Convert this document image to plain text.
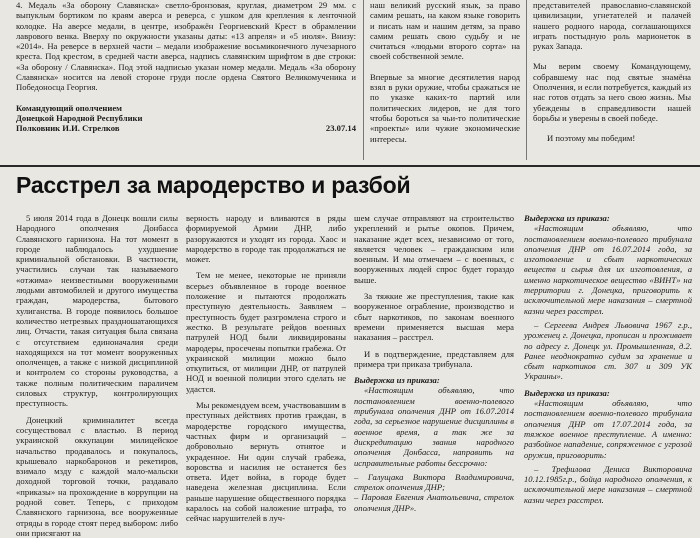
4. Медаль «За оборону Славянска» светло-бронзовая, круглая, диаметром 29 мм. с выпуклым бортиком по краям аверса и реверса, с ушком для крепления к ленточной колодке. На аверсе медали, в центре, изображён Георгиевский Крест в обрамлении лаврового венка. Вверху по окружности указаны даты: «13 апреля» и «5 июля». Внизу: «2014». На реверсе в верхней части – медали изображение восьмиконечного лучезарного креста. Под крестом, в средней части аверса, надпись славянским шрифтом в две строки: «За оборону / Славянска». Под этой надписью указан номер медали. Медаль «За оборону Славянска» носится на левой стороне груди после ордена Святого Великомученика и Победоносца Георгия.

Командующий ополчением

Донецкой Народной Республики

Полковник И.И. Стрелков	23.07.14

наш великий русский язык, за право самим решать, на каком языке говорить и писать нам и нашим детям, за право самим решать свою судьбу и не считаться «людьми второго сорта» на своей собственной земле.

Впервые за многие десятилетия народ взял в руки оружие, чтобы сражаться не по указке каких-то партий или политических лидеров, не для того чтобы бороться за чьи-то политические «проекты» или чужие экономические интересы.

представителей православно-славянской цивилизации, угнетателей и палачей нашего родного народа, соглашающихся играть постыдную роль марионеток в руках Запада.

Мы верим своему Командующему, собравшему нас под святые знамёна Ополчения, и если потребуется, каждый из нас готов отдать за него свою жизнь. Мы убеждены в справедливости нашей борьбы и уверены в своей победе.

И поэтому мы победим!

Расстрел за мародерство и разбой

5 июля 2014 года в Донецк вошли силы Народного ополчения Донбасса Славянского гарнизона. На тот момент в городе наблюдалось ухудшение криминальной обстановки. В частности, участились случаи так называемого «отжима» неизвестными вооруженными людьми автомобилей и другого имущества граждан, мародерства, бытового хулиганства. В городе появилось большое количество нетрезвых праздношатающихся лиц. Отчасти, такая ситуация была связана с отсутствием единоначалия среди находящихся на тот момент вооруженных ополченцев, а также с низкой дисциплиной и контролем со стороны руководства, а также полным политическим параличем силовых структур, контролирующих преступность.

Донецкий криминалитет всегда сосуществовал с властью. В период украинской оккупации милицейское начальство продавалось и покупалось, крышевало наркобаронов и рекетиров, взимало мзду с каждой мало-мальски доходной торговой точки, раздавало «приказы» на прохождение в коррупции на родной совет. Теперь, с приходом Славянского гарнизона, все вооруженные отряды в городе стоят перед выбором: либо они присягают на

верность народу и вливаются в ряды формируемой Армии ДНР, либо разоружаются и уходят из города. Хаос и мародерство в городе так продолжаться не может.

Тем не менее, некоторые не приняли всерьез объявленное в городе военное положение и пытаются продолжать преступную деятельность. Заявляем – преступность будет разгромлена строго и жестко. В результате рейдов военных патрулей НОД были ликвидированы мародеры, просечены попытки грабежа. От украинской милиции можно было откупиться, от милиции ДНР, от патрулей НОД и военной полиции этого сделать не удастся.

Мы рекомендуем всем, участвовавшим в преступных действиях против граждан, в мародерстве городского имущества, частных фирм и организаций – добровольно вернуть отнятое и украденное. Ни один случай грабежа, воровства и насилия не останется без ответа. Идет война, в городе будет наведена железная дисциплина. Если раньше нарушение общественного порядка каралось на собой наложение штрафа, то сейчас нарушителей в луч-

шем случае отправляют на строительство укреплений и рытье окопов. Причем, наказание ждет всех, независимо от того, является человек – гражданским или военным. И мы отмечаем – с военных, с вооруженных людей спрос будет гораздо выше.

За тяжкие же преступления, такие как вооруженное ограбление, производство и сбыт наркотиков, по законам военного времени применяется высшая мера наказания – расстрел.

И в подтверждение, представляем для примера три приказа трибунала.

Выдержка из приказа:

«Настоящим объявляю, что постановлением военно-полевого трибунала ополчения ДНР от 16.07.2014 года, за серьезное нарушение дисциплины в военное время, а так же за дискредитацию звания народного ополчения Донбасса, направить на исправительные работы бессрочно:

– Галущака Виктора Владимировича, стрелок ополчения ДНР;

– Паровая Евгения Анатольевича, стрелок ополчения ДНР».

Выдержка из приказа:

«Настоящим объявляю, что постановлением военно-полевого трибунала ополчения ДНР от 16.07.2014 года, за изготовление и сбыт наркотических веществ и сырья для их изготовления, а именно наркотическое вещество «ВИНТ» на территории г. Донецка, приговорить к исключительной мере наказания – смертной казни через расстрел.

– Сергеева Андрея Львовича 1967 г.р., уроженец г. Донецка, прописан и проживает по адресу г. Донецк ул. Промышленная, д.2. Ранее неоднократно судим за хранение и сбыт наркотиков ст. 307 и 309 УК Украины».

Выдержка из приказа:

«Настоящим объявляю, что постановлением военно-полевого трибунала ополчения ДНР от 17.07.2014 года, за тяжкое военное преступление. А именно: разбойное нападение, сопряженное с угрозой оружия, приговорить:

– Трефилова Дениса Викторовича 10.12.1985г.р., бойца народного ополчения, к исключительной мере наказания – смертной казни через расстрел.
